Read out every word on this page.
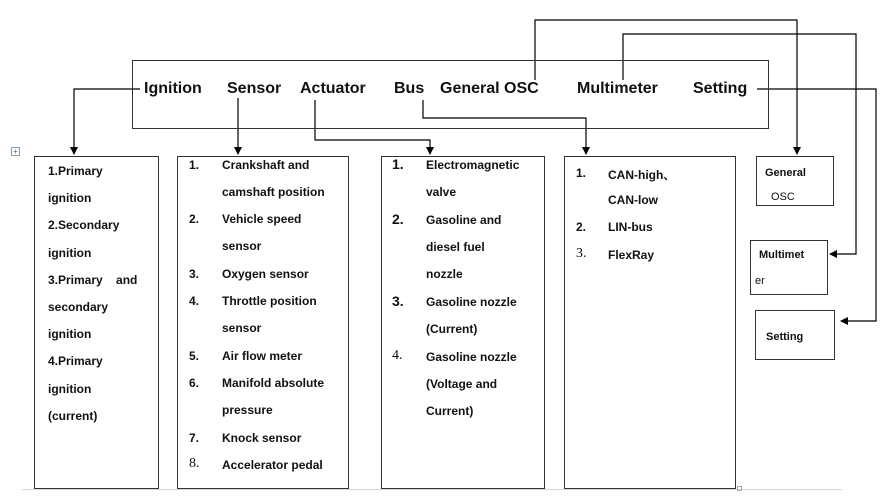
Ignition Sensor Actuator Bus General OSC Multimeter Setting
+
1.Primary
ignition
2.Secondary
ignition
3.Primary    and
secondary
ignition
4.Primary
ignition
(current)
1. Crankshaft and
camshaft position
2. Vehicle speed
sensor
3. Oxygen sensor
4. Throttle position
sensor
5. Air flow meter
6. Manifold absolute
pressure
7. Knock sensor
8. Accelerator pedal
1. Electromagnetic
valve
2. Gasoline and
diesel fuel
nozzle
3. Gasoline nozzle
(Current)
4. Gasoline nozzle
(Voltage and
Current)
1. CAN-high、
CAN-low
2. LIN-bus
3. FlexRay
General
OSC
Multimet
er
Setting
